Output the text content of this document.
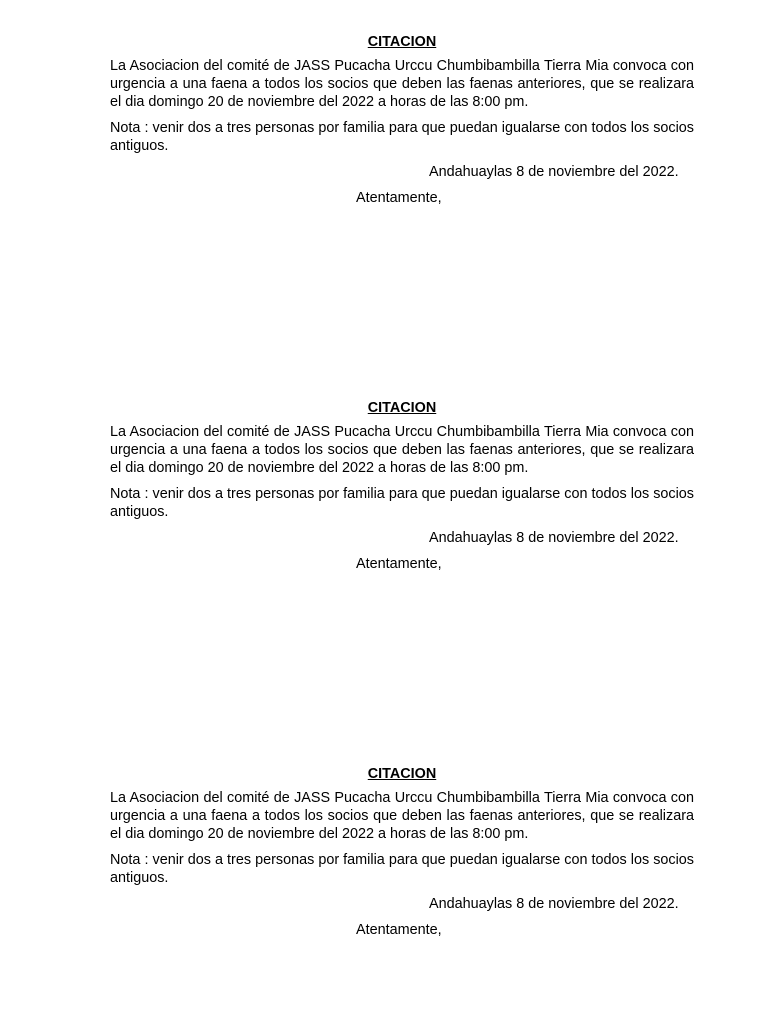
CITACION

La Asociacion del comité de JASS Pucacha Urccu Chumbibambilla Tierra Mia convoca con urgencia a una faena a todos los socios que deben las faenas anteriores, que se realizara el dia domingo 20 de noviembre del 2022 a horas de las 8:00 pm.

Nota : venir dos a tres personas por familia para que puedan igualarse con todos los socios antiguos.

Andahuaylas 8 de noviembre del 2022.
Atentamente,
CITACION

La Asociacion del comité de JASS Pucacha Urccu Chumbibambilla Tierra Mia convoca con urgencia a una faena a todos los socios que deben las faenas anteriores, que se realizara el dia domingo 20 de noviembre del 2022 a horas de las 8:00 pm.

Nota : venir dos a tres personas por familia para que puedan igualarse con todos los socios antiguos.

Andahuaylas 8 de noviembre del 2022.
Atentamente,
CITACION

La Asociacion del comité de JASS Pucacha Urccu Chumbibambilla Tierra Mia convoca con urgencia a una faena a todos los socios que deben las faenas anteriores, que se realizara el dia domingo 20 de noviembre del 2022 a horas de las 8:00 pm.

Nota : venir dos a tres personas por familia para que puedan igualarse con todos los socios antiguos.

Andahuaylas 8 de noviembre del 2022.
Atentamente,
